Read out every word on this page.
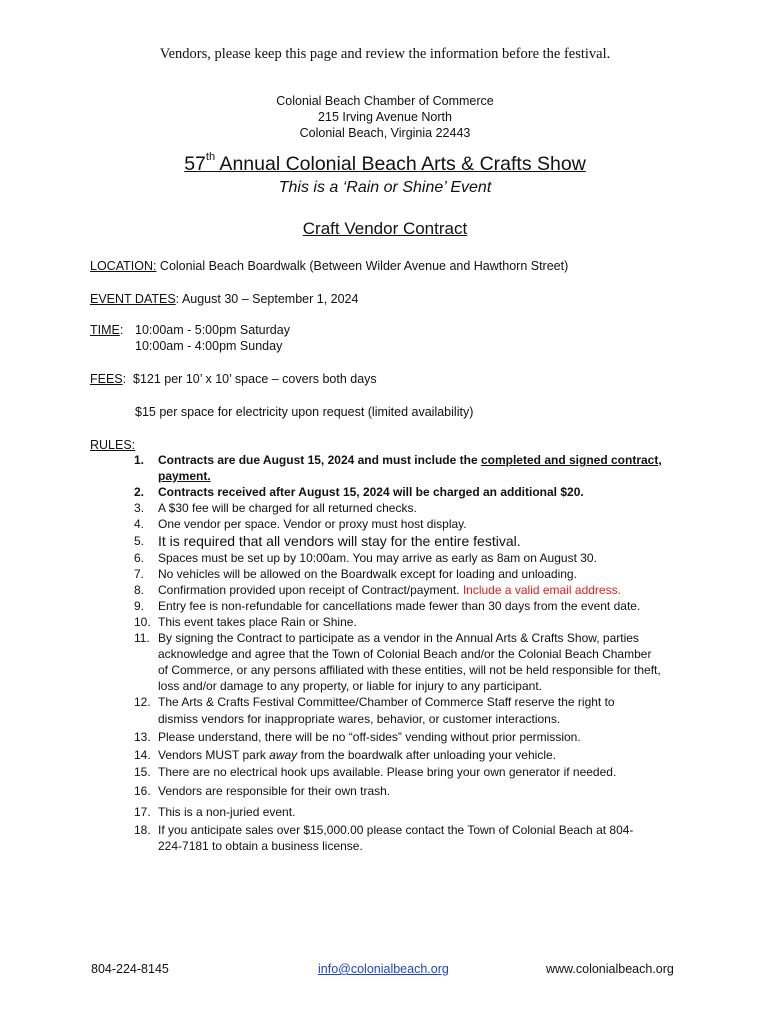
Vendors, please keep this page and review the information before the festival.
Colonial Beach Chamber of Commerce
215 Irving Avenue North
Colonial Beach, Virginia 22443
57th Annual Colonial Beach Arts & Crafts Show
This is a ‘Rain or Shine’ Event
Craft Vendor Contract
LOCATION: Colonial Beach Boardwalk (Between Wilder Avenue and Hawthorn Street)
EVENT DATES: August 30 – September 1, 2024
TIME: 10:00am - 5:00pm Saturday
10:00am - 4:00pm Sunday
FEES: $121 per 10’ x 10’ space – covers both days
$15 per space for electricity upon request (limited availability)
RULES:
1.	Contracts are due August 15, 2024 and must include the completed and signed contract, payment.
2.	Contracts received after August 15, 2024 will be charged an additional $20.
3.	A $30 fee will be charged for all returned checks.
4.	One vendor per space. Vendor or proxy must host display.
5. It is required that all vendors will stay for the entire festival.
6.	Spaces must be set up by 10:00am. You may arrive as early as 8am on August 30.
7.	No vehicles will be allowed on the Boardwalk except for loading and unloading.
8.	Confirmation provided upon receipt of Contract/payment. Include a valid email address.
9.	Entry fee is non-refundable for cancellations made fewer than 30 days from the event date.
10. This event takes place Rain or Shine.
11. By signing the Contract to participate as a vendor in the Annual Arts & Crafts Show, parties acknowledge and agree that the Town of Colonial Beach and/or the Colonial Beach Chamber of Commerce, or any persons affiliated with these entities, will not be held responsible for theft, loss and/or damage to any property, or liable for injury to any participant.
12. The Arts & Crafts Festival Committee/Chamber of Commerce Staff reserve the right to dismiss vendors for inappropriate wares, behavior, or customer interactions.
13. Please understand, there will be no “off-sides” vending without prior permission.
14. Vendors MUST park away from the boardwalk after unloading your vehicle.
15. There are no electrical hook ups available. Please bring your own generator if needed.
16. Vendors are responsible for their own trash.
17. This is a non-juried event.
18. If you anticipate sales over $15,000.00 please contact the Town of Colonial Beach at 804-224-7181 to obtain a business license.
804-224-8145	info@colonialbeach.org	www.colonialbeach.org
